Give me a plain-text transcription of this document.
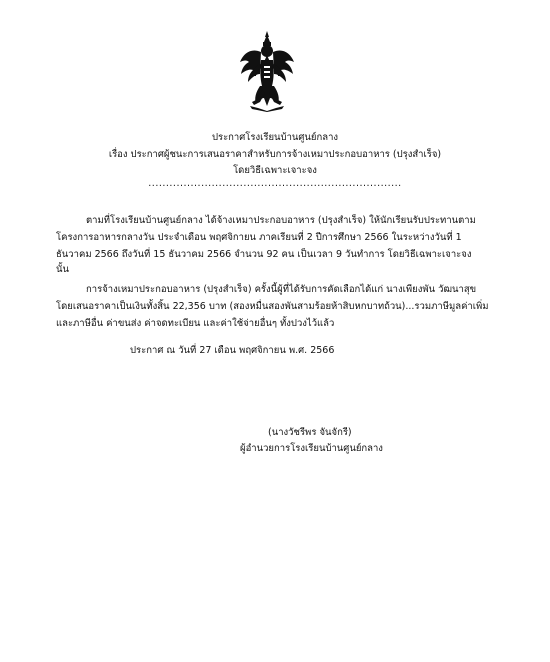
ประกาศโรงเรียนบ้านศูนย์กลาง
เรื่อง ประกาศผู้ชนะการเสนอราคาสำหรับการจ้างเหมาประกอบอาหาร (ปรุงสำเร็จ)
โดยวิธีเฉพาะเจาะจง
........................................................................
ตามที่โรงเรียนบ้านศูนย์กลาง ได้จ้างเหมาประกอบอาหาร (ปรุงสำเร็จ) ให้นักเรียนรับประทานตาม
โครงการอาหารกลางวัน ประจำเดือน พฤศจิกายน ภาคเรียนที่ 2 ปีการศึกษา 2566 ในระหว่างวันที่ 1
ธันวาคม 2566 ถึงวันที่ 15 ธันวาคม 2566 จำนวน 92 คน เป็นเวลา 9 วันทำการ โดยวิธีเฉพาะเจาะจง
นั้น
การจ้างเหมาประกอบอาหาร (ปรุงสำเร็จ) ครั้งนี้ผู้ที่ได้รับการคัดเลือกได้แก่ นางเพียงพัน วัฒนาสุข
โดยเสนอราคาเป็นเงินทั้งสิ้น 22,356 บาท (สองหมื่นสองพันสามร้อยห้าสิบหกบาทถ้วน)...รวมภาษีมูลค่าเพิ่ม
และภาษีอื่น ค่าขนส่ง ค่าจดทะเบียน และค่าใช้จ่ายอื่นๆ ทั้งปวงไว้แล้ว
ประกาศ ณ วันที่ 27 เดือน พฤศจิกายน พ.ศ. 2566
(นางวัชรีพร จันจักรี)
ผู้อำนวยการโรงเรียนบ้านศูนย์กลาง
